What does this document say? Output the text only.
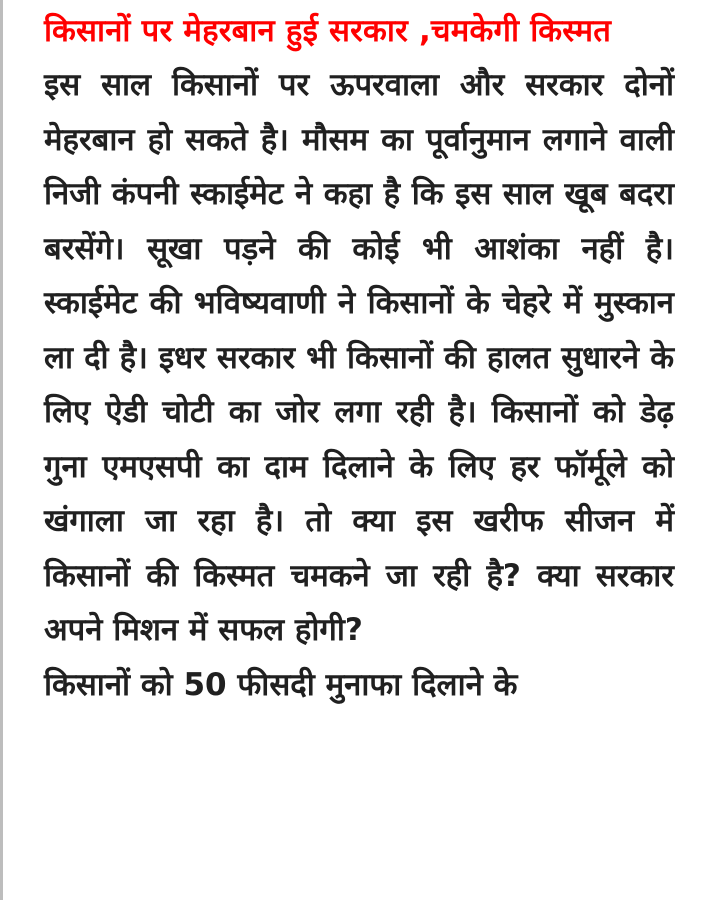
किसानों पर मेहरबान हुई सरकार ,चमकेगी किस्मत

इस साल किसानों पर ऊपरवाला और सरकार दोनों मेहरबान हो सकते है। मौसम का पूर्वानुमान लगाने वाली निजी कंपनी स्काईमेट ने कहा है कि इस साल खूब बदरा बरसेंगे। सूखा पड़ने की कोई भी आशंका नहीं है। स्काईमेट की भविष्यवाणी ने किसानों के चेहरे में मुस्कान ला दी है। इधर सरकार भी किसानों की हालत सुधारने के लिए ऐडी चोटी का जोर लगा रही है। किसानों को डेढ़ गुना एमएसपी का दाम दिलाने के लिए हर फॉर्मूले को खंगाला जा रहा है। तो क्या इस खरीफ सीजन में किसानों की किस्मत चमकने जा रही है? क्या सरकार अपने मिशन में सफल होगी?

किसानों को 50 फीसदी मुनाफा दिलाने के
